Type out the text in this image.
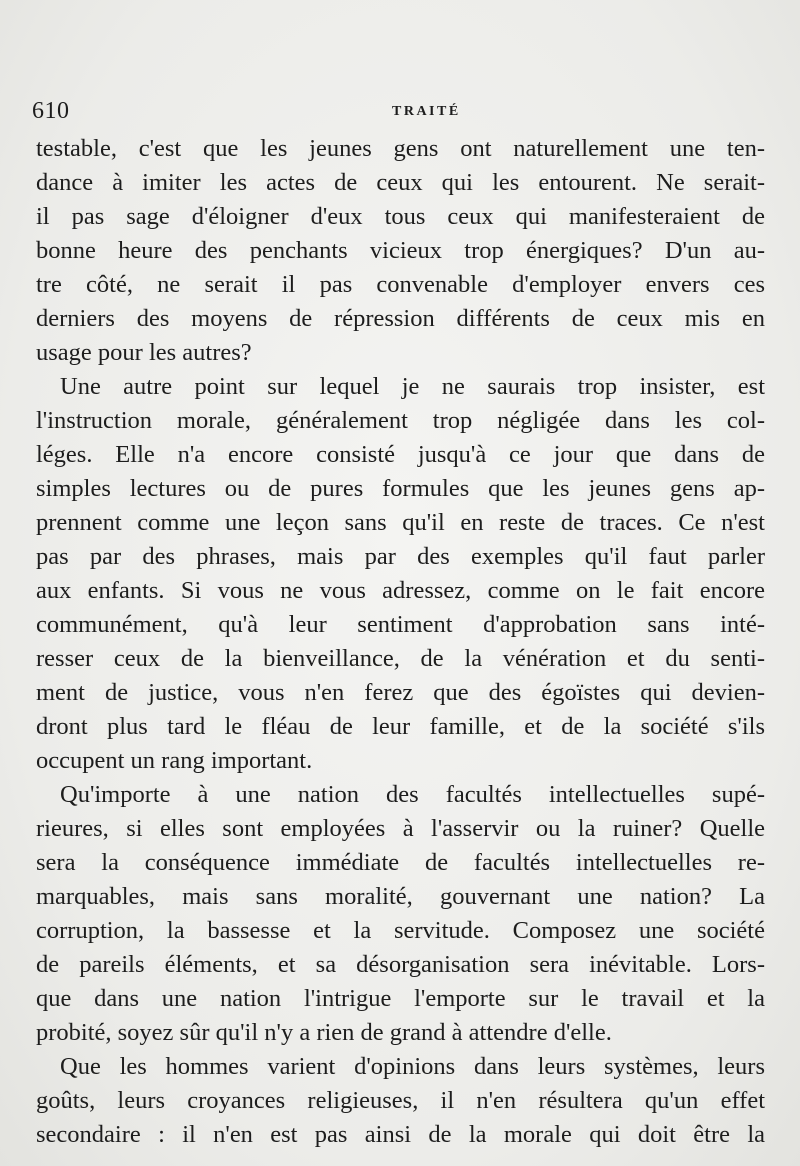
610	TRAITÉ
testable, c'est que les jeunes gens ont naturellement une ten-
dance à imiter les actes de ceux qui les entourent. Ne serait-
il pas sage d'éloigner d'eux tous ceux qui manifesteraient de
bonne heure des penchants vicieux trop énergiques? D'un au-
tre côté, ne serait il pas convenable d'employer envers ces
derniers des moyens de répression différents de ceux mis en
usage pour les autres?
Une autre point sur lequel je ne saurais trop insister, est
l'instruction morale, généralement trop négligée dans les col-
léges. Elle n'a encore consisté jusqu'à ce jour que dans de
simples lectures ou de pures formules que les jeunes gens ap-
prennent comme une leçon sans qu'il en reste de traces. Ce n'est
pas par des phrases, mais par des exemples qu'il faut parler
aux enfants. Si vous ne vous adressez, comme on le fait encore
communément, qu'à leur sentiment d'approbation sans inté-
resser ceux de la bienveillance, de la vénération et du senti-
ment de justice, vous n'en ferez que des égoïstes qui devien-
dront plus tard le fléau de leur famille, et de la société s'ils
occupent un rang important.
Qu'importe à une nation des facultés intellectuelles supé-
rieures, si elles sont employées à l'asservir ou la ruiner? Quelle
sera la conséquence immédiate de facultés intellectuelles re-
marquables, mais sans moralité, gouvernant une nation? La
corruption, la bassesse et la servitude. Composez une société
de pareils éléments, et sa désorganisation sera inévitable. Lors-
que dans une nation l'intrigue l'emporte sur le travail et la
probité, soyez sûr qu'il n'y a rien de grand à attendre d'elle.
Que les hommes varient d'opinions dans leurs systèmes, leurs
goûts, leurs croyances religieuses, il n'en résultera qu'un effet
secondaire : il n'en est pas ainsi de la morale qui doit être la
